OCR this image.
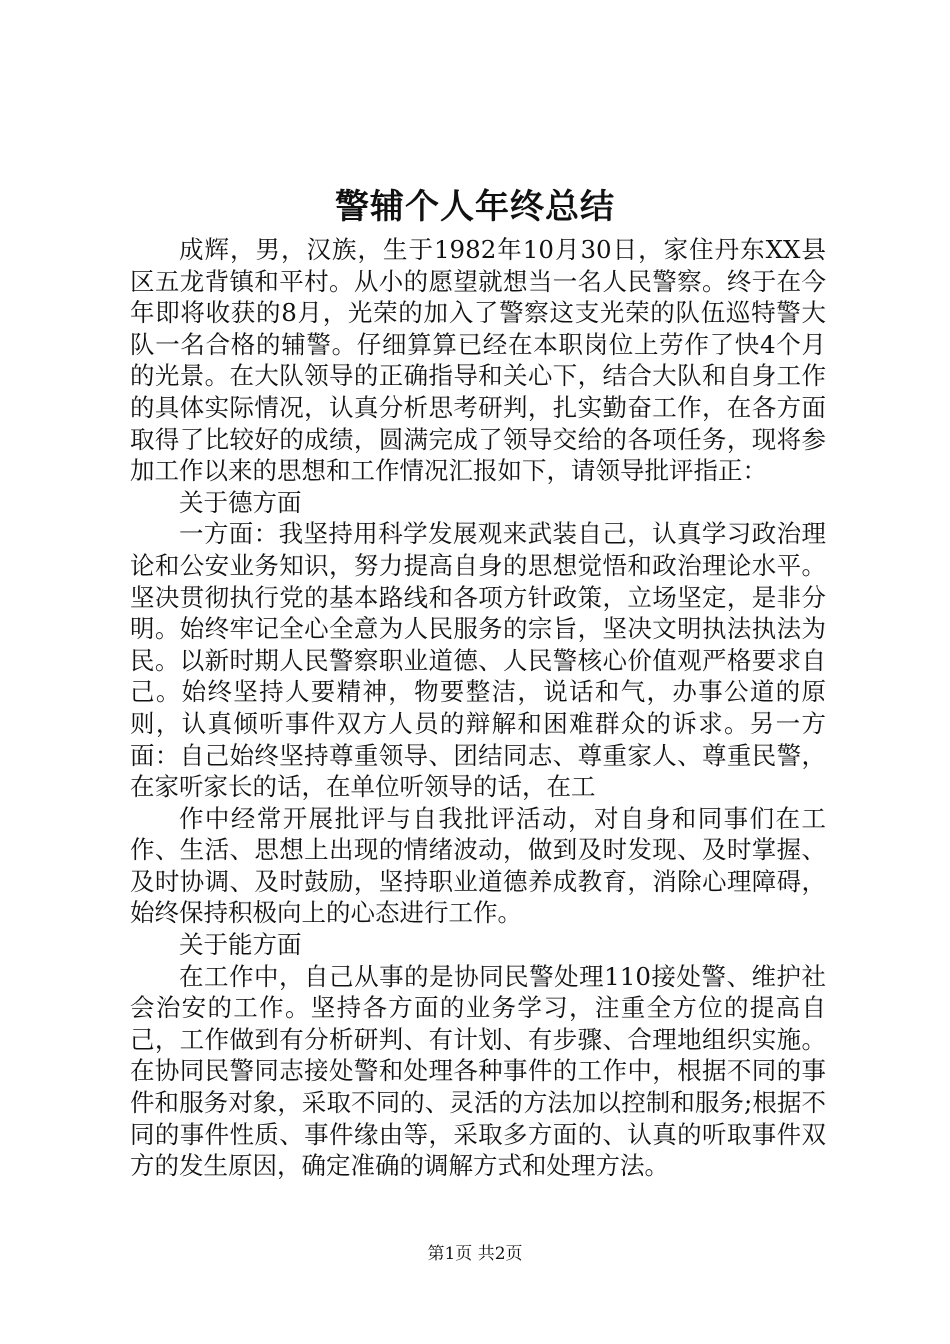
警辅个人年终总结

成辉，男，汉族，生于1982年10月30日，家住丹东XX县区五龙背镇和平村。从小的愿望就想当一名人民警察。终于在今年即将收获的8月，光荣的加入了警察这支光荣的队伍巡特警大队一名合格的辅警。仔细算算已经在本职岗位上劳作了快4个月的光景。在大队领导的正确指导和关心下，结合大队和自身工作的具体实际情况，认真分析思考研判，扎实勤奋工作，在各方面取得了比较好的成绩，圆满完成了领导交给的各项任务，现将参加工作以来的思想和工作情况汇报如下，请领导批评指正：

关于德方面

一方面：我坚持用科学发展观来武装自己，认真学习政治理论和公安业务知识，努力提高自身的思想觉悟和政治理论水平。坚决贯彻执行党的基本路线和各项方针政策，立场坚定，是非分明。始终牢记全心全意为人民服务的宗旨，坚决文明执法执法为民。以新时期人民警察职业道德、人民警核心价值观严格要求自己。始终坚持人要精神，物要整洁，说话和气，办事公道的原则，认真倾听事件双方人员的辩解和困难群众的诉求。另一方面：自己始终坚持尊重领导、团结同志、尊重家人、尊重民警，在家听家长的话，在单位听领导的话，在工

作中经常开展批评与自我批评活动，对自身和同事们在工作、生活、思想上出现的情绪波动，做到及时发现、及时掌握、及时协调、及时鼓励，坚持职业道德养成教育，消除心理障碍，始终保持积极向上的心态进行工作。

关于能方面

在工作中，自己从事的是协同民警处理110接处警、维护社会治安的工作。坚持各方面的业务学习，注重全方位的提高自己，工作做到有分析研判、有计划、有步骤、合理地组织实施。在协同民警同志接处警和处理各种事件的工作中，根据不同的事件和服务对象，采取不同的、灵活的方法加以控制和服务;根据不同的事件性质、事件缘由等，采取多方面的、认真的听取事件双方的发生原因，确定准确的调解方式和处理方法。

第1页 共2页
